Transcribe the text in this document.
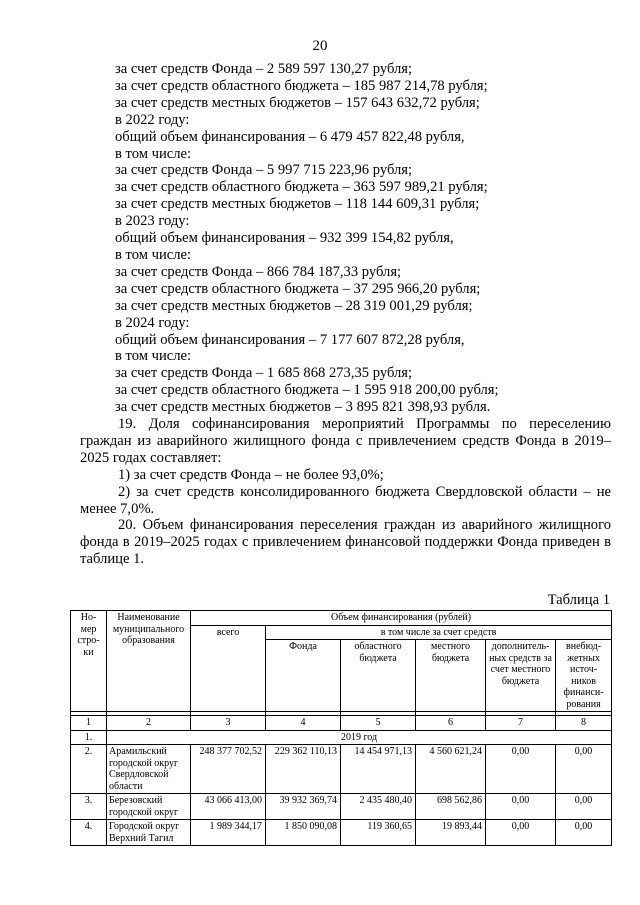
20
за счет средств Фонда – 2 589 597 130,27 рубля;
за счет средств областного бюджета – 185 987 214,78 рубля;
за счет средств местных бюджетов – 157 643 632,72 рубля;
в 2022 году:
общий объем финансирования – 6 479 457 822,48 рубля,
в том числе:
за счет средств Фонда – 5 997 715 223,96 рубля;
за счет средств областного бюджета – 363 597 989,21 рубля;
за счет средств местных бюджетов – 118 144 609,31 рубля;
в 2023 году:
общий объем финансирования – 932 399 154,82 рубля,
в том числе:
за счет средств Фонда – 866 784 187,33 рубля;
за счет средств областного бюджета – 37 295 966,20 рубля;
за счет средств местных бюджетов – 28 319 001,29 рубля;
в 2024 году:
общий объем финансирования – 7 177 607 872,28 рубля,
в том числе:
за счет средств Фонда – 1 685 868 273,35 рубля;
за счет средств областного бюджета – 1 595 918 200,00 рубля;
за счет средств местных бюджетов – 3 895 821 398,93 рубля.
19. Доля софинансирования мероприятий Программы по переселению граждан из аварийного жилищного фонда с привлечением средств Фонда в 2019–2025 годах составляет:
1) за счет средств Фонда – не более 93,0%;
2) за счет средств консолидированного бюджета Свердловской области – не менее 7,0%.
20. Объем финансирования переселения граждан из аварийного жилищного фонда в 2019–2025 годах с привлечением финансовой поддержки Фонда приведен в таблице 1.
Таблица 1
Но-мер стро-ки	Наименование муниципального образования	Объем финансирования (рублей)					
		всего	в том числе за счет средств				
			Фонда	областного бюджета	местного бюджета	дополнитель-ных средств за счет местного бюджета	внебюд-жетных источ-ников финанси-рования

1	2	3	4	5	6	7	8
1.	2019 год						
2.	Арамильский городской округ Свердловской области	248 377 702,52	229 362 110,13	14 454 971,13	4 560 621,24	0,00	0,00
3.	Березовский городской округ	43 066 413,00	39 932 369,74	2 435 480,40	698 562,86	0,00	0,00
4.	Городской округ Верхний Тагил	1 989 344,17	1 850 090,08	119 360,65	19 893,44	0,00	0,00
